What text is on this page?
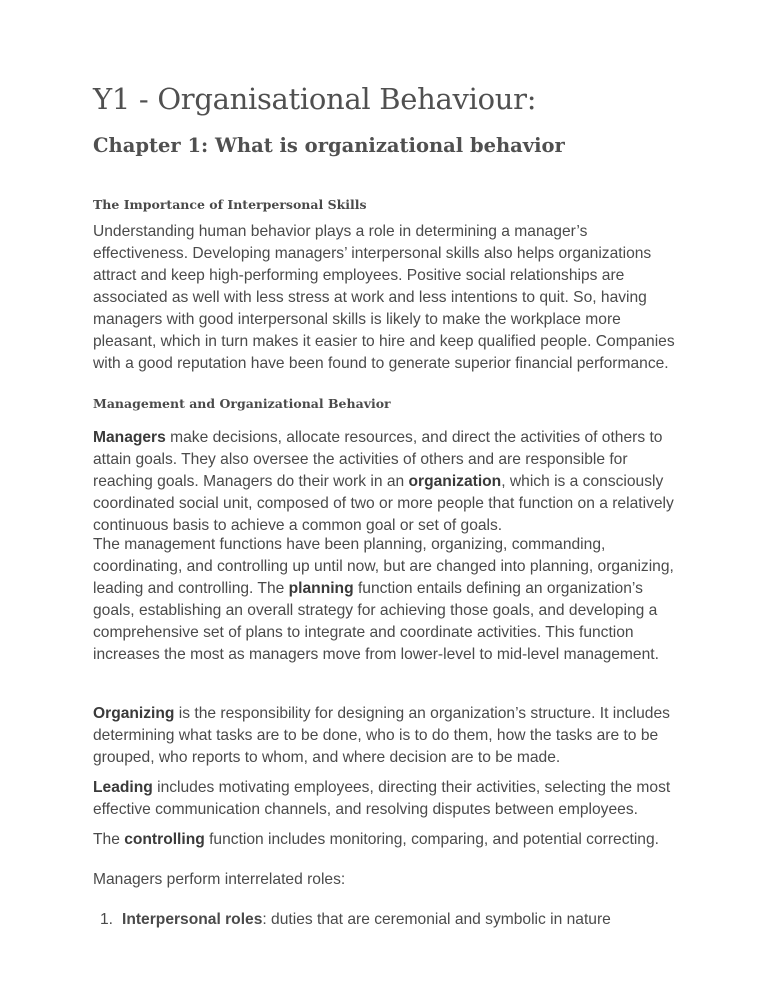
Y1 - Organisational Behaviour:
Chapter 1: What is organizational behavior
The Importance of Interpersonal Skills

Understanding human behavior plays a role in determining a manager’s effectiveness. Developing managers’ interpersonal skills also helps organizations attract and keep high-performing employees. Positive social relationships are associated as well with less stress at work and less intentions to quit. So, having managers with good interpersonal skills is likely to make the workplace more pleasant, which in turn makes it easier to hire and keep qualified people. Companies with a good reputation have been found to generate superior financial performance.

Management and Organizational Behavior

Managers make decisions, allocate resources, and direct the activities of others to attain goals. They also oversee the activities of others and are responsible for reaching goals. Managers do their work in an organization, which is a consciously coordinated social unit, composed of two or more people that function on a relatively continuous basis to achieve a common goal or set of goals.

The management functions have been planning, organizing, commanding, coordinating, and controlling up until now, but are changed into planning, organizing, leading and controlling. The planning function entails defining an organization’s goals, establishing an overall strategy for achieving those goals, and developing a comprehensive set of plans to integrate and coordinate activities. This function increases the most as managers move from lower-level to mid-level management.

Organizing is the responsibility for designing an organization’s structure. It includes determining what tasks are to be done, who is to do them, how the tasks are to be grouped, who reports to whom, and where decision are to be made.

Leading includes motivating employees, directing their activities, selecting the most effective communication channels, and resolving disputes between employees.

The controlling function includes monitoring, comparing, and potential correcting.

Managers perform interrelated roles:

1. Interpersonal roles: duties that are ceremonial and symbolic in nature
